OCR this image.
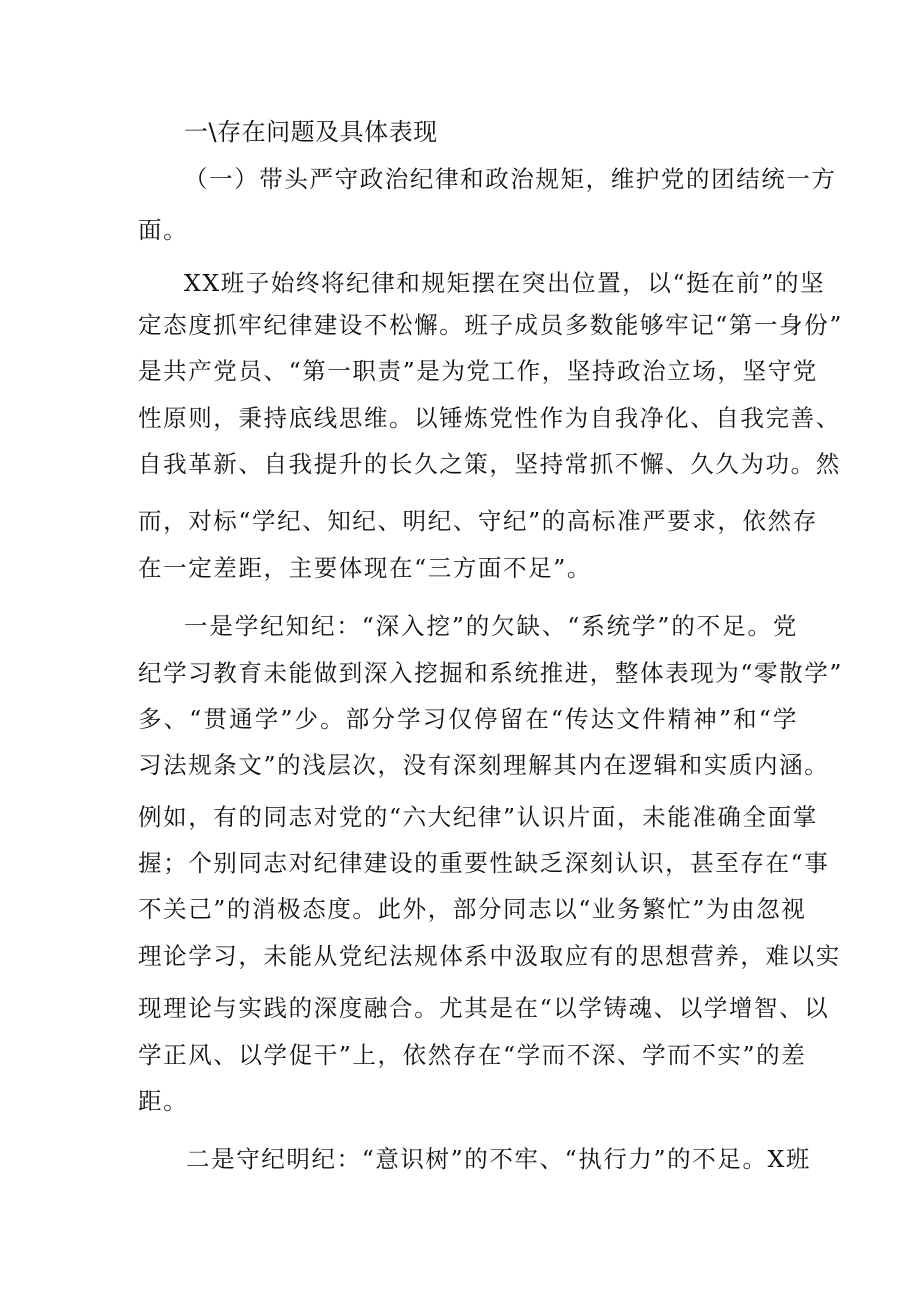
一\存在问题及具体表现
（一）带头严守政治纪律和政治规矩，维护党的团结统一方
面。
XX班子始终将纪律和规矩摆在突出位置，以“挺在前”的坚
定态度抓牢纪律建设不松懈。班子成员多数能够牢记“第一身份”
是共产党员、“第一职责”是为党工作，坚持政治立场，坚守党
性原则，秉持底线思维。以锤炼党性作为自我净化、自我完善、
自我革新、自我提升的长久之策，坚持常抓不懈、久久为功。然
而，对标“学纪、知纪、明纪、守纪”的高标准严要求，依然存
在一定差距，主要体现在“三方面不足”。
一是学纪知纪：“深入挖”的欠缺、“系统学”的不足。党
纪学习教育未能做到深入挖掘和系统推进，整体表现为“零散学”
多、“贯通学”少。部分学习仅停留在“传达文件精神”和“学
习法规条文”的浅层次，没有深刻理解其内在逻辑和实质内涵。
例如，有的同志对党的“六大纪律”认识片面，未能准确全面掌
握；个别同志对纪律建设的重要性缺乏深刻认识，甚至存在“事
不关己”的消极态度。此外，部分同志以“业务繁忙”为由忽视
理论学习，未能从党纪法规体系中汲取应有的思想营养，难以实
现理论与实践的深度融合。尤其是在“以学铸魂、以学增智、以
学正风、以学促干”上，依然存在“学而不深、学而不实”的差
距。
二是守纪明纪：“意识树”的不牢、“执行力”的不足。X班
